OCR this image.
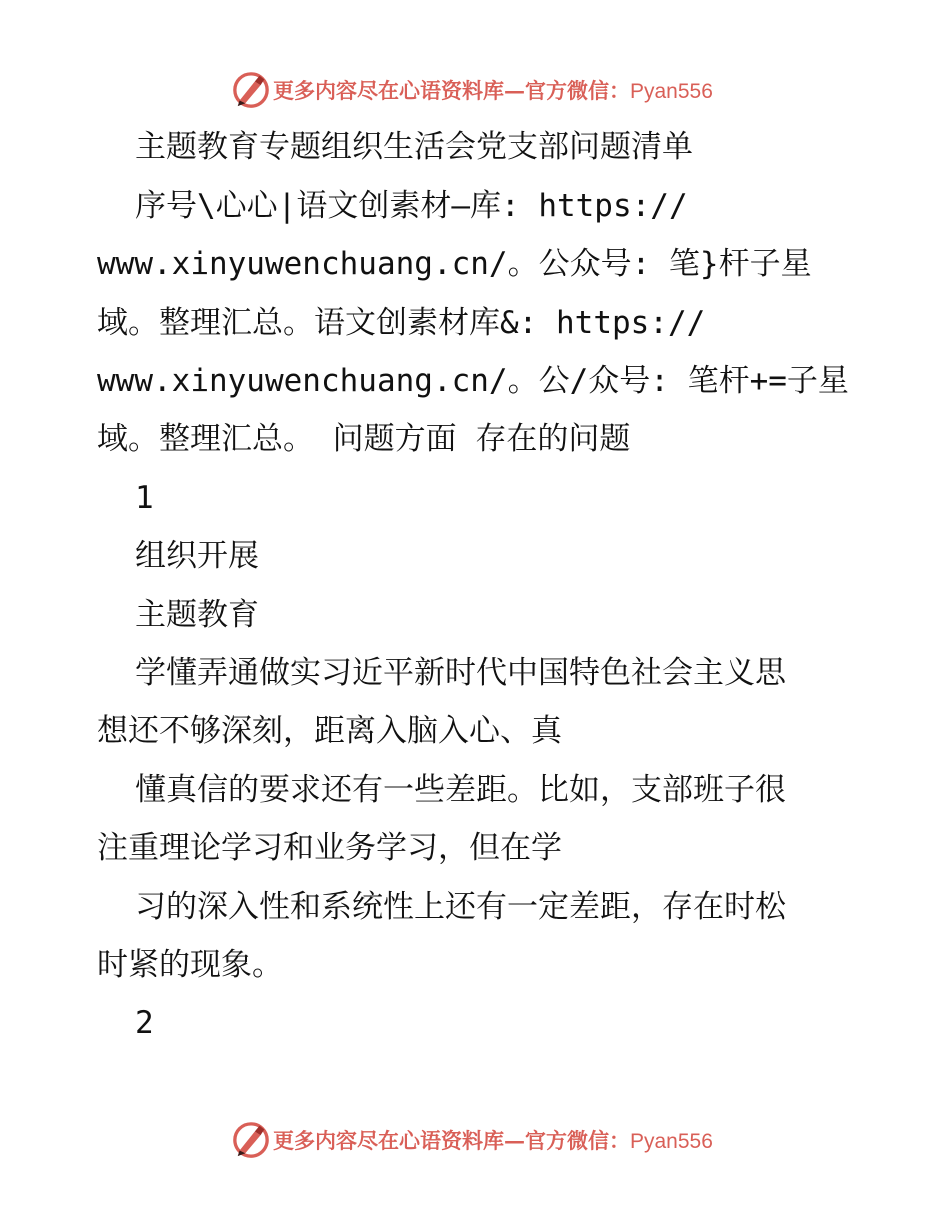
更多内容尽在心语资料库—官方微信：Pyan556
主题教育专题组织生活会党支部问题清单
序号\心心|语文创素材—库: https://
www.xinyuwenchuang.cn/。公众号: 笔}杆子星
域。整理汇总。语文创素材库&: https://
www.xinyuwenchuang.cn/。公/众号: 笔杆+=子星
域。整理汇总。 问题方面 存在的问题
1
组织开展
主题教育
学懂弄通做实习近平新时代中国特色社会主义思
想还不够深刻，距离入脑入心、真
懂真信的要求还有一些差距。比如，支部班子很
注重理论学习和业务学习，但在学
习的深入性和系统性上还有一定差距，存在时松
时紧的现象。
2
更多内容尽在心语资料库—官方微信：Pyan556
